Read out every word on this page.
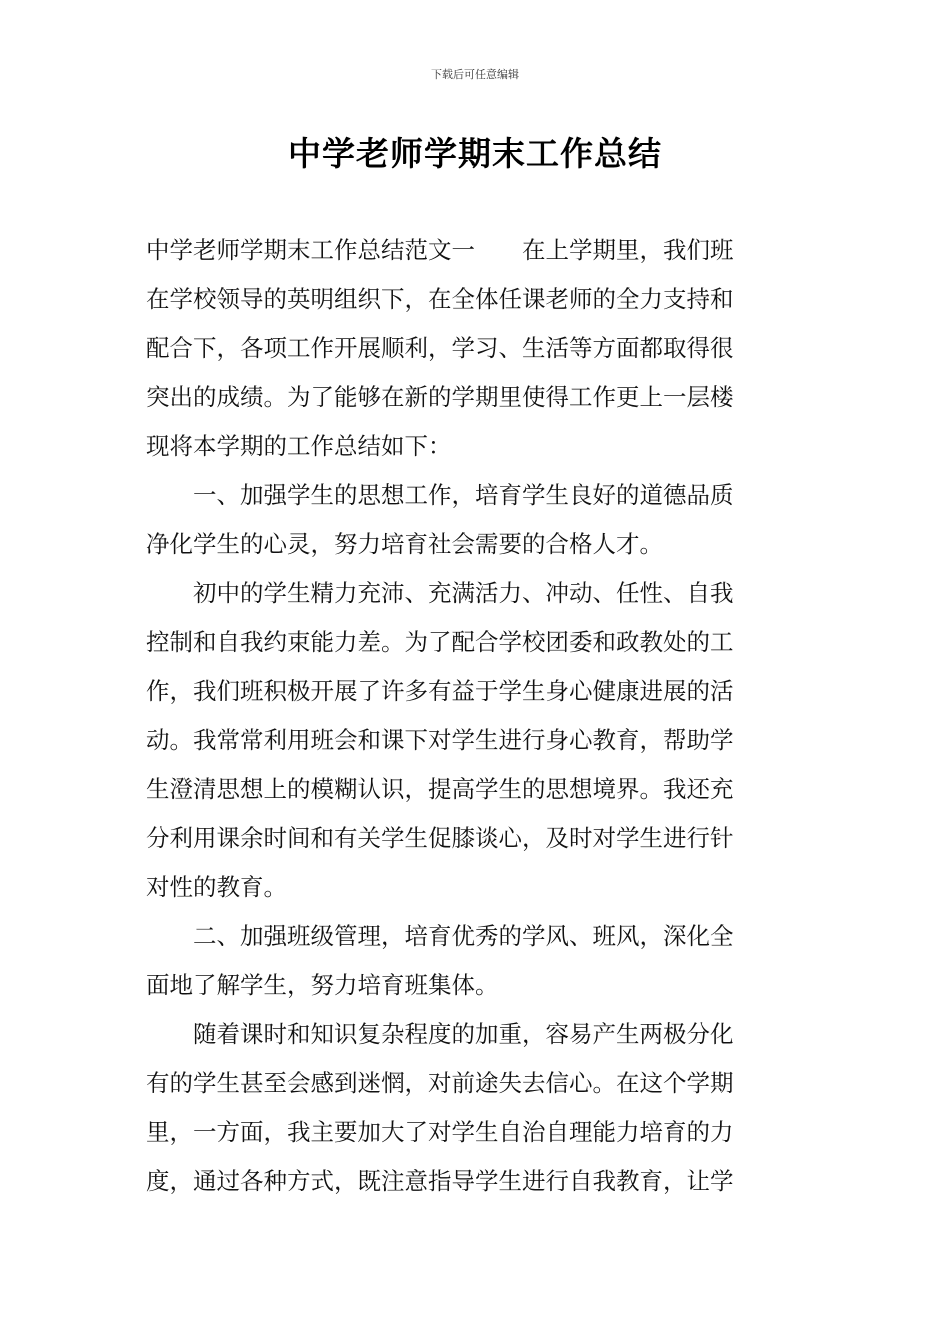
下载后可任意编辑
中学老师学期末工作总结
中学老师学期末工作总结范文一　　在上学期里，我们班
在学校领导的英明组织下，在全体任课老师的全力支持和
配合下，各项工作开展顺利，学习、生活等方面都取得很
突出的成绩。为了能够在新的学期里使得工作更上一层楼
现将本学期的工作总结如下：
一、加强学生的思想工作，培育学生良好的道德品质
净化学生的心灵，努力培育社会需要的合格人才。
初中的学生精力充沛、充满活力、冲动、任性、自我
控制和自我约束能力差。为了配合学校团委和政教处的工
作，我们班积极开展了许多有益于学生身心健康进展的活
动。我常常利用班会和课下对学生进行身心教育，帮助学
生澄清思想上的模糊认识，提高学生的思想境界。我还充
分利用课余时间和有关学生促膝谈心，及时对学生进行针
对性的教育。
二、加强班级管理，培育优秀的学风、班风，深化全
面地了解学生，努力培育班集体。
随着课时和知识复杂程度的加重，容易产生两极分化
有的学生甚至会感到迷惘，对前途失去信心。在这个学期
里，一方面，我主要加大了对学生自治自理能力培育的力
度，通过各种方式，既注意指导学生进行自我教育，让学
